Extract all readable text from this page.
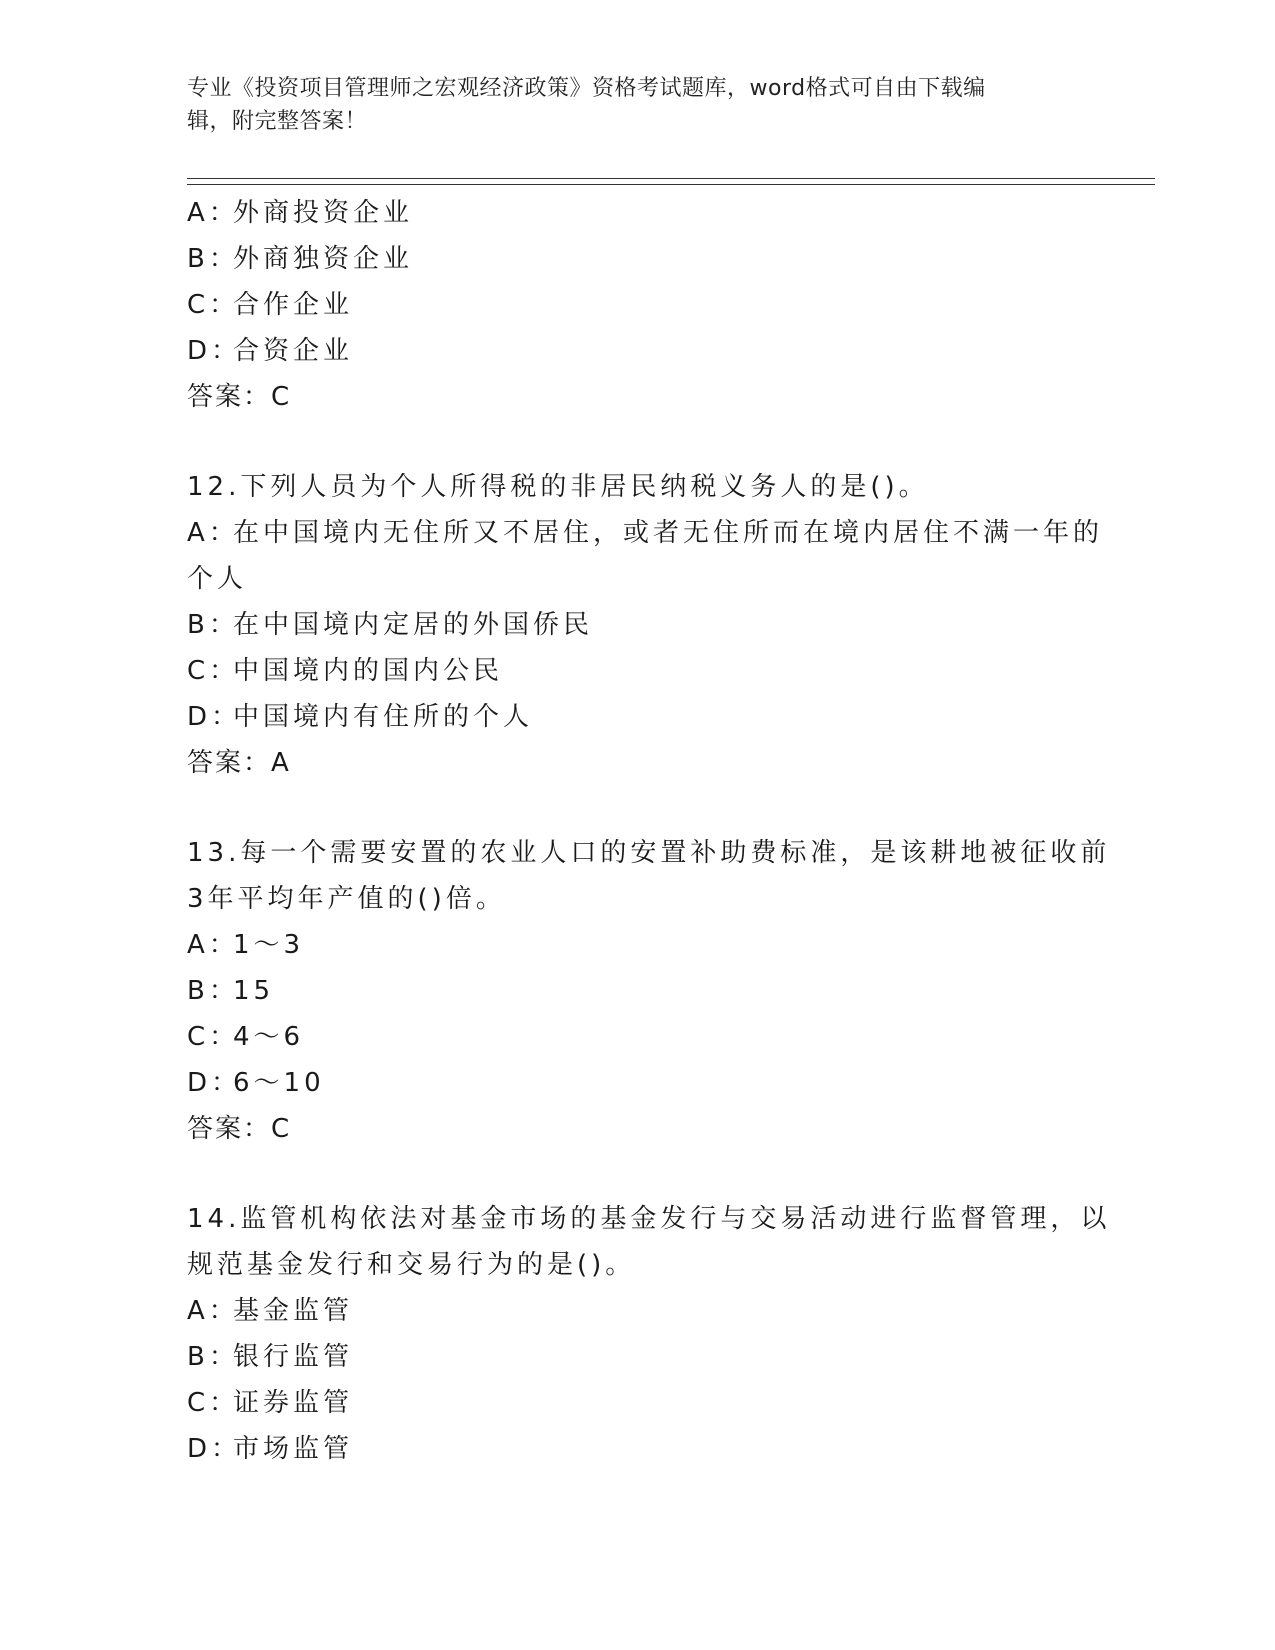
专业《投资项目管理师之宏观经济政策》资格考试题库，word格式可自由下载编
辑，附完整答案！
A：外商投资企业
B：外商独资企业
C：合作企业
D：合资企业
答案：C
12.下列人员为个人所得税的非居民纳税义务人的是()。
A：在中国境内无住所又不居住，或者无住所而在境内居住不满一年的
个人
B：在中国境内定居的外国侨民
C：中国境内的国内公民
D：中国境内有住所的个人
答案：A
13.每一个需要安置的农业人口的安置补助费标准，是该耕地被征收前
3年平均年产值的()倍。
A：1～3
B：15
C：4～6
D：6～10
答案：C
14.监管机构依法对基金市场的基金发行与交易活动进行监督管理，以
规范基金发行和交易行为的是()。
A：基金监管
B：银行监管
C：证券监管
D：市场监管
